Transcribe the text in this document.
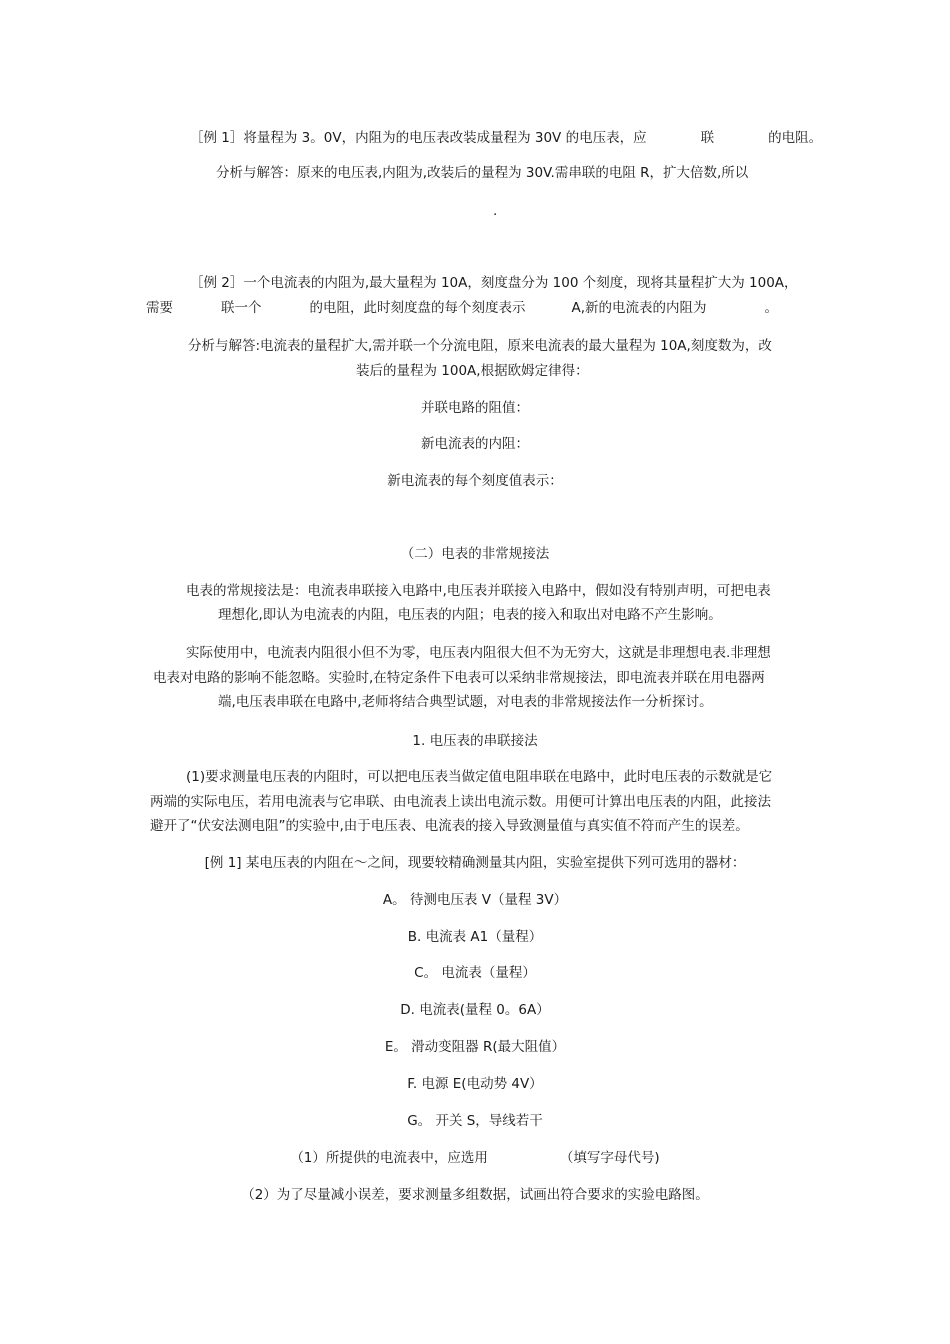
［例 1］将量程为 3。0V，内阻为的电压表改装成量程为 30V 的电压表，应	联	的电阻。
分析与解答：原来的电压表,内阻为,改装后的量程为 30V.需串联的电阻 R，扩大倍数,所以
.
［例 2］一个电流表的内阻为,最大量程为 10A，刻度盘分为 100 个刻度，现将其量程扩大为 100A，
需要	联一个	的电阻，此时刻度盘的每个刻度表示	A,新的电流表的内阻为	。
分析与解答:电流表的量程扩大,需并联一个分流电阻，原来电流表的最大量程为 10A,刻度数为，改
装后的量程为 100A,根据欧姆定律得：
并联电路的阻值：
新电流表的内阻：
新电流表的每个刻度值表示：
（二）电表的非常规接法
电表的常规接法是：电流表串联接入电路中,电压表并联接入电路中，假如没有特别声明，可把电表
理想化,即认为电流表的内阻，电压表的内阻；电表的接入和取出对电路不产生影响。
实际使用中，电流表内阻很小但不为零，电压表内阻很大但不为无穷大，这就是非理想电表.非理想
电表对电路的影响不能忽略。实验时,在特定条件下电表可以采纳非常规接法，即电流表并联在用电器两
端,电压表串联在电路中,老师将结合典型试题，对电表的非常规接法作一分析探讨。
1. 电压表的串联接法
(1)要求测量电压表的内阻时，可以把电压表当做定值电阻串联在电路中，此时电压表的示数就是它
两端的实际电压，若用电流表与它串联、由电流表上读出电流示数。用便可计算出电压表的内阻，此接法
避开了“伏安法测电阻”的实验中,由于电压表、电流表的接入导致测量值与真实值不符而产生的误差。
[例 1] 某电压表的内阻在～之间，现要较精确测量其内阻，实验室提供下列可选用的器材：
A。 待测电压表 V（量程 3V）
B. 电流表 A1（量程）
C。 电流表（量程）
D. 电流表(量程 0。6A）
E。 滑动变阻器 R(最大阻值）
F. 电源 E(电动势 4V）
G。 开关 S，导线若干
（1）所提供的电流表中，应选用	（填写字母代号)
（2）为了尽量减小误差，要求测量多组数据，试画出符合要求的实验电路图。
